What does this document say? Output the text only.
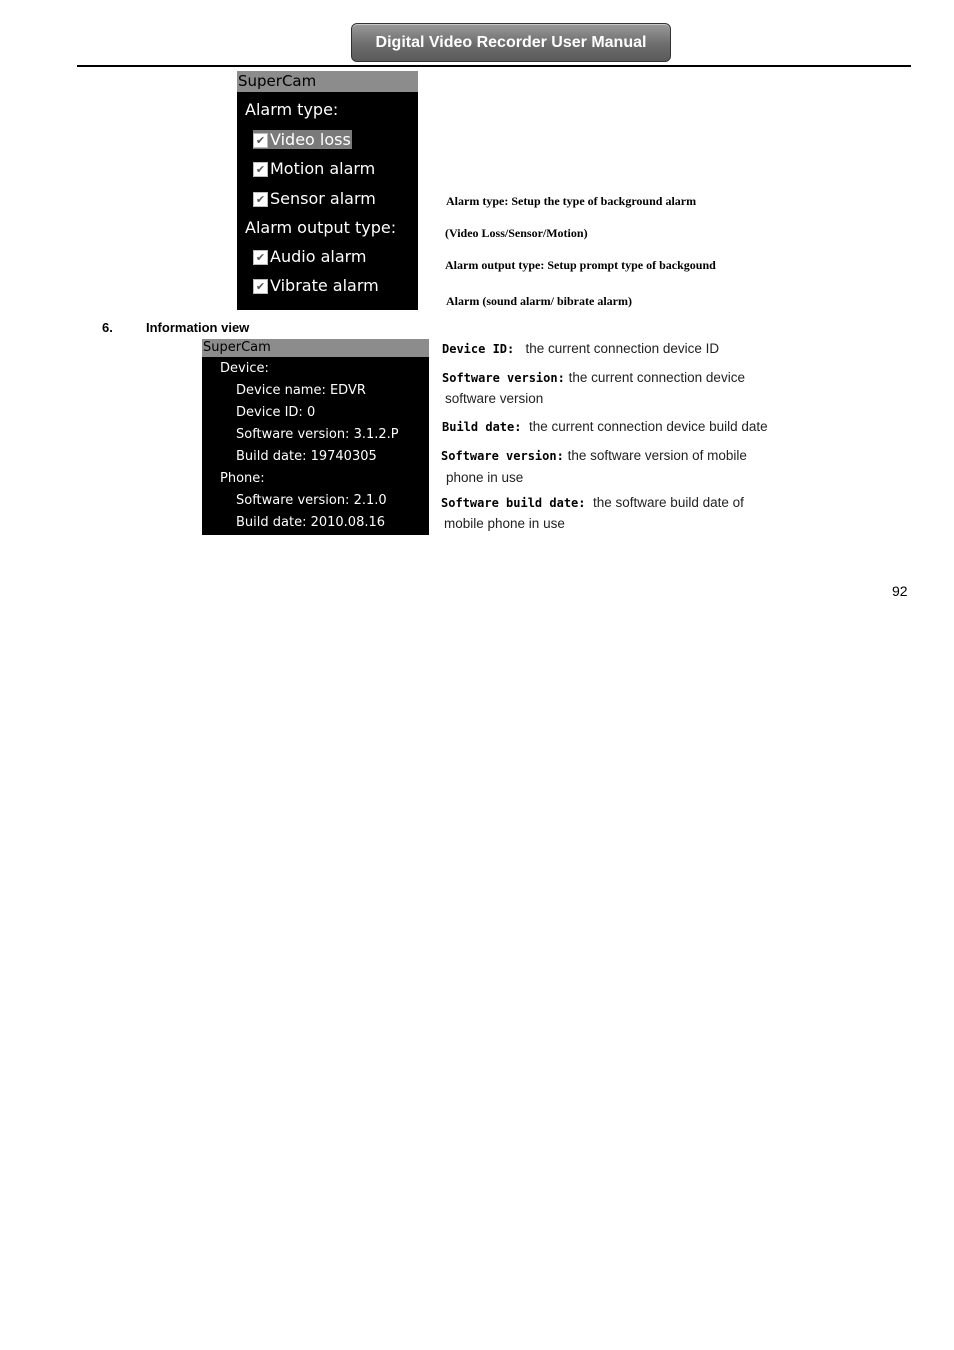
Digital Video Recorder User Manual
SuperCam
Alarm type:
✔ Video loss
✔ Motion alarm
✔ Sensor alarm
Alarm output type:
✔ Audio alarm
✔ Vibrate alarm
Alarm type: Setup the type of background alarm
(Video Loss/Sensor/Motion)
Alarm output type: Setup prompt type of backgound
Alarm (sound alarm/ bibrate alarm)
6.	Information view
SuperCam
Device:
Device name: EDVR
Device ID: 0
Software version: 3.1.2.P
Build date: 19740305
Phone:
Software version: 2.1.0
Build date: 2010.08.16
Device ID: the current connection device ID
Software version: the current connection device
software version
Build date: the current connection device build date
Software version: the software version of mobile
phone in use
Software build date: the software build date of
mobile phone in use
92
